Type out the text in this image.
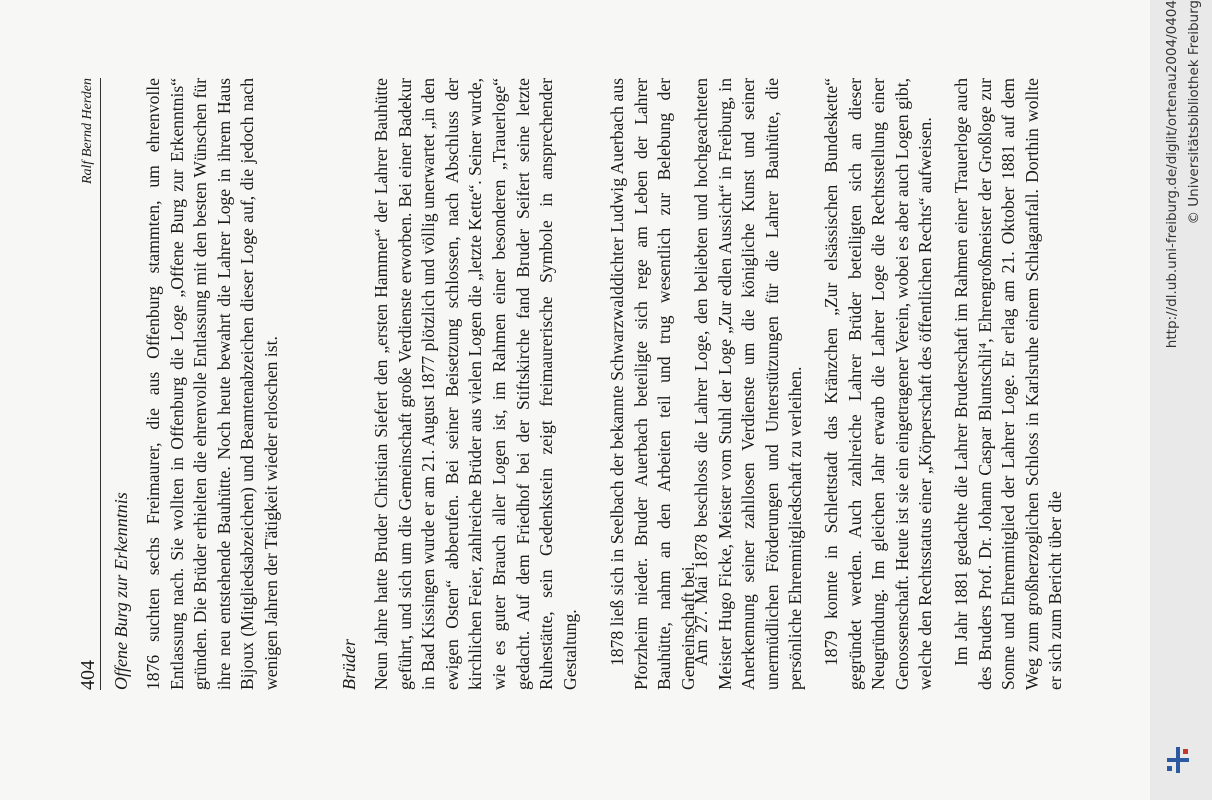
404
Ralf Bernd Herden
Offene Burg zur Erkenntnis 1876 suchten sechs Freimaurer, die aus Offenburg stammten, um ehrenvolle Entlassung nach. Sie wollten in Offenburg die Loge „Offene Burg zur Erkenntnis“ gründen. Die Brüder erhielten die ehrenvolle Entlassung mit den besten Wünschen für ihre neu entstehende Bauhütte. Noch heute bewahrt die Lahrer Loge in ihrem Haus Bijoux (Mitgliedsabzeichen) und Beamtenabzeichen dieser Loge auf, die jedoch nach wenigen Jahren der Tätigkeit wieder erloschen ist.	Brüder Neun Jahre hatte Bruder Christian Siefert den „ersten Hammer“ der Lahrer Bauhütte geführt, und sich um die Gemeinschaft große Verdienste erworben. Bei einer Badekur in Bad Kissingen wurde er am 21. August 1877 plötzlich und völlig unerwartet „in den ewigen Osten“ abberufen. Bei seiner Beisetzung schlossen, nach Abschluss der kirchlichen Feier, zahlreiche Brüder aus vielen Logen die „letzte Kette“. Seiner wurde, wie es guter Brauch aller Logen ist, im Rahmen einer besonderen „Trauerloge“ gedacht. Auf dem Friedhof bei der Stiftskirche fand Bruder Seifert seine letzte Ruhestätte, sein Gedenkstein zeigt freimaurerische Symbole in ansprechender Gestaltung. 1878 ließ sich in Seelbach der bekannte Schwarzwalddichter Ludwig Auerbach aus Pforzheim nieder. Bruder Auerbach beteiligte sich rege am Leben der Lahrer Bauhütte, nahm an den Arbeiten teil und trug wesentlich zur Belebung der Gemeinschaft bei.

Am 27. Mai 1878 beschloss die Lahrer Loge, den beliebten und hochgeachteten Meister Hugo Ficke, Meister vom Stuhl der Loge „Zur edlen Aussicht“ in Freiburg, in Anerkennung seiner zahllosen Verdienste um die königliche Kunst und seiner unermüdlichen Förderungen und Unterstützungen für die Lahrer Bauhütte, die persönliche Ehrenmitgliedschaft zu verleihen. 1879 konnte in Schlettstadt das Kränzchen „Zur elsässischen Bundeskette“ gegründet werden. Auch zahlreiche Lahrer Brüder beteiligten sich an dieser Neugründung. Im gleichen Jahr erwarb die Lahrer Loge die Rechtsstellung einer Genossenschaft. Heute ist sie ein eingetragener Verein, wobei es aber auch Logen gibt, welche den Rechtsstatus einer „Körperschaft des öffentlichen Rechts“ aufweisen. Im Jahr 1881 gedachte die Lahrer Bruderschaft im Rahmen einer Trauerloge auch des Bruders Prof. Dr. Johann Caspar Bluntschli⁴, Ehrengroßmeister der Großloge zur Sonne und Ehrenmitglied der Lahrer Loge. Er erlag am 21. Oktober 1881 auf dem Weg zum großherzoglichen Schloss in Karlsruhe einem Schlaganfall. Dorthin wollte er sich zum Bericht über die

http://dl.ub.uni-freiburg.de/diglit/ortenau2004/0404 © Universitätsbibliothek Freiburg
